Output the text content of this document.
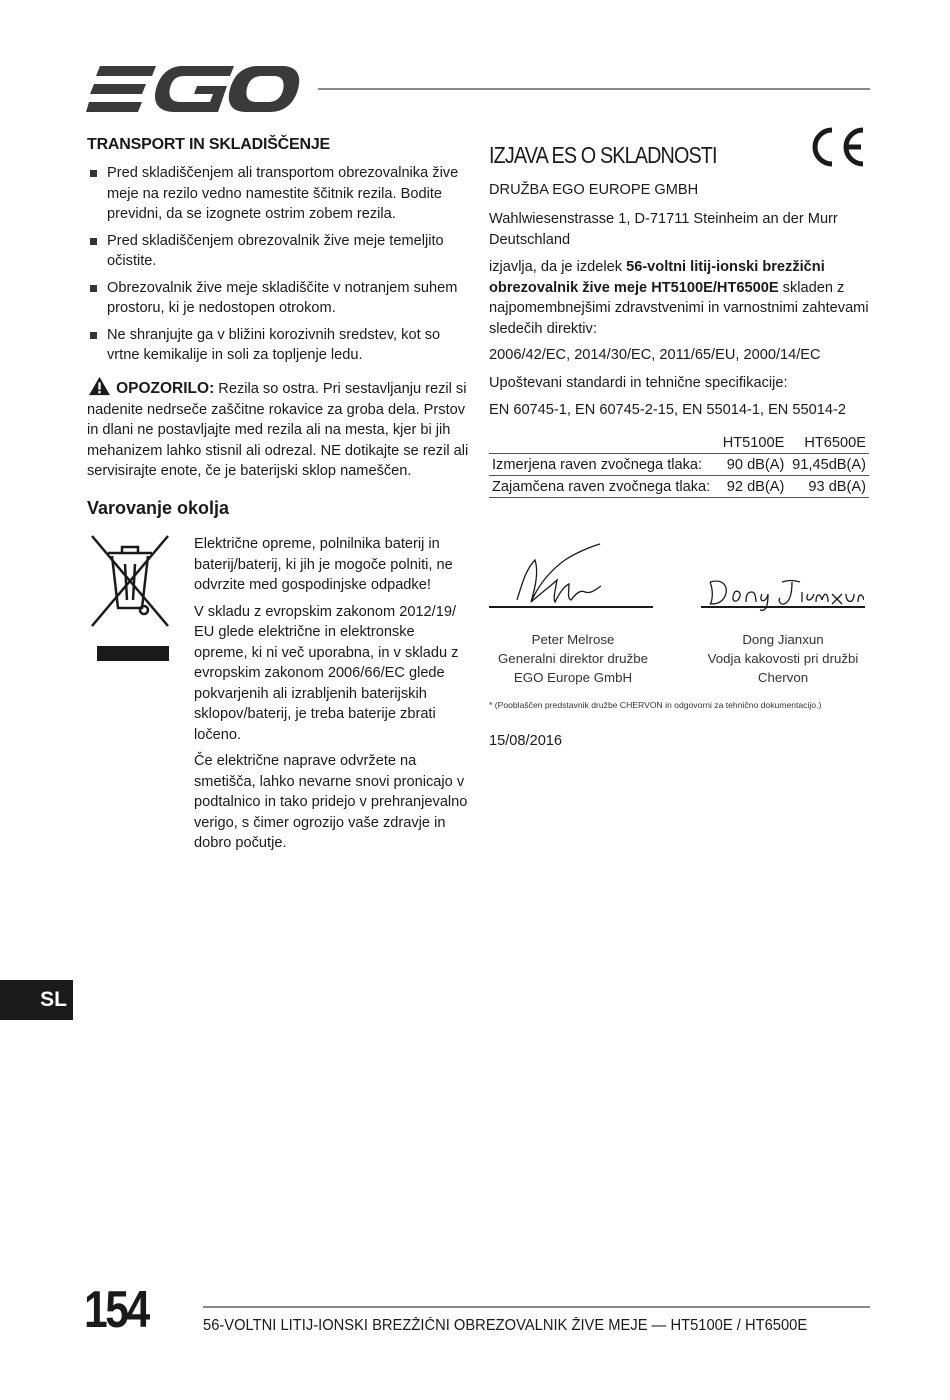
TRANSPORT IN SKLADIŠČENJE
Pred skladiščenjem ali transportom obrezovalnika žive meje na rezilo vedno namestite ščitnik rezila. Bodite previdni, da se izognete ostrim zobem rezila.
Pred skladiščenjem obrezovalnik žive meje temeljito očistite.
Obrezovalnik žive meje skladiščite v notranjem suhem prostoru, ki je nedostopen otrokom.
Ne shranjujte ga v bližini korozivnih sredstev, kot so vrtne kemikalije in soli za topljenje ledu.
OPOZORILO: Rezila so ostra. Pri sestavljanju rezil si nadenite nedrseče zaščitne rokavice za groba dela. Prstov in dlani ne postavljajte med rezila ali na mesta, kjer bi jih mehanizem lahko stisnil ali odrezal. NE dotikajte se rezil ali servisirajte enote, če je baterijski sklop nameščen.
Varovanje okolja

Električne opreme, polnilnika baterij in baterij/baterij, ki jih je mogoče polniti, ne odvrzite med gospodinjske odpadke!

V skladu z evropskim zakonom 2012/19/ EU glede električne in elektronske opreme, ki ni več uporabna, in v skladu z evropskim zakonom 2006/66/EC glede pokvarjenih ali izrabljenih baterijskih sklopov/baterij, je treba baterije zbrati ločeno.

Če električne naprave odvržete na smetišča, lahko nevarne snovi pronicajo v podtalnico in tako pridejo v prehranjevalno verigo, s čimer ogrozijo vaše zdravje in dobro počutje.

IZJAVA ES O SKLADNOSTI
DRUŽBA EGO EUROPE GMBH
Wahlwiesenstrasse 1, D-71711 Steinheim an der Murr
Deutschland
izjavlja, da je izdelek 56-voltni litij-ionski brezžični obrezovalnik žive meje HT5100E/HT6500E skladen z najpomembnejšimi zdravstvenimi in varnostnimi zahtevami sledečih direktiv:
2006/42/EC, 2014/30/EC, 2011/65/EU, 2000/14/EC
Upoštevani standardi in tehnične specifikacije:
EN 60745-1, EN 60745-2-15, EN 55014-1, EN 55014-2
	HT5100E	HT6500E
Izmerjena raven zvočnega tlaka:	90 dB(A)	91,45dB(A)
Zajamčena raven zvočnega tlaka:	92 dB(A)	93 dB(A)
Peter Melrose
Generalni direktor družbe
EGO Europe GmbH
Dong Jianxun
Vodja kakovosti pri družbi
Chervon
* (Pooblaščen predstavnik družbe CHERVON in odgovorni za tehnično dokumentacijo.)
15/08/2016
SL
154	56-VOLTNI LITIJ-IONSKI BREZŽIČNI OBREZOVALNIK ŽIVE MEJE — HT5100E / HT6500E
